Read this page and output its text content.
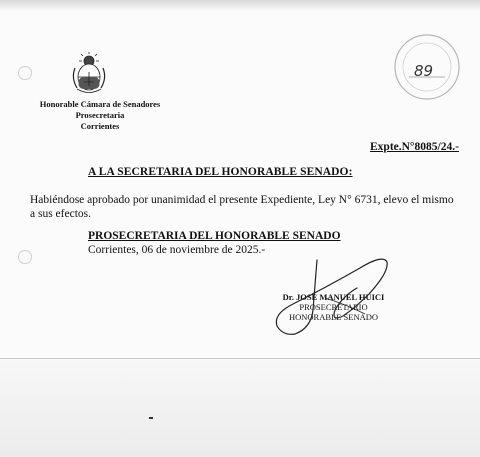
Honorable Cámara de Senadores
Prosecretaria
Corrientes
89
Expte.N°8085/24.-
A LA SECRETARIA DEL HONORABLE SENADO:
Habiéndose aprobado por unanimidad el presente Expediente, Ley N° 6731, elevo el mismo a sus efectos.
PROSECRETARIA DEL HONORABLE SENADO
Corrientes, 06 de noviembre de 2025.-
Dr. JOSE MANUEL HUICI
PROSECRETARIO
HONORABLE SENADO
